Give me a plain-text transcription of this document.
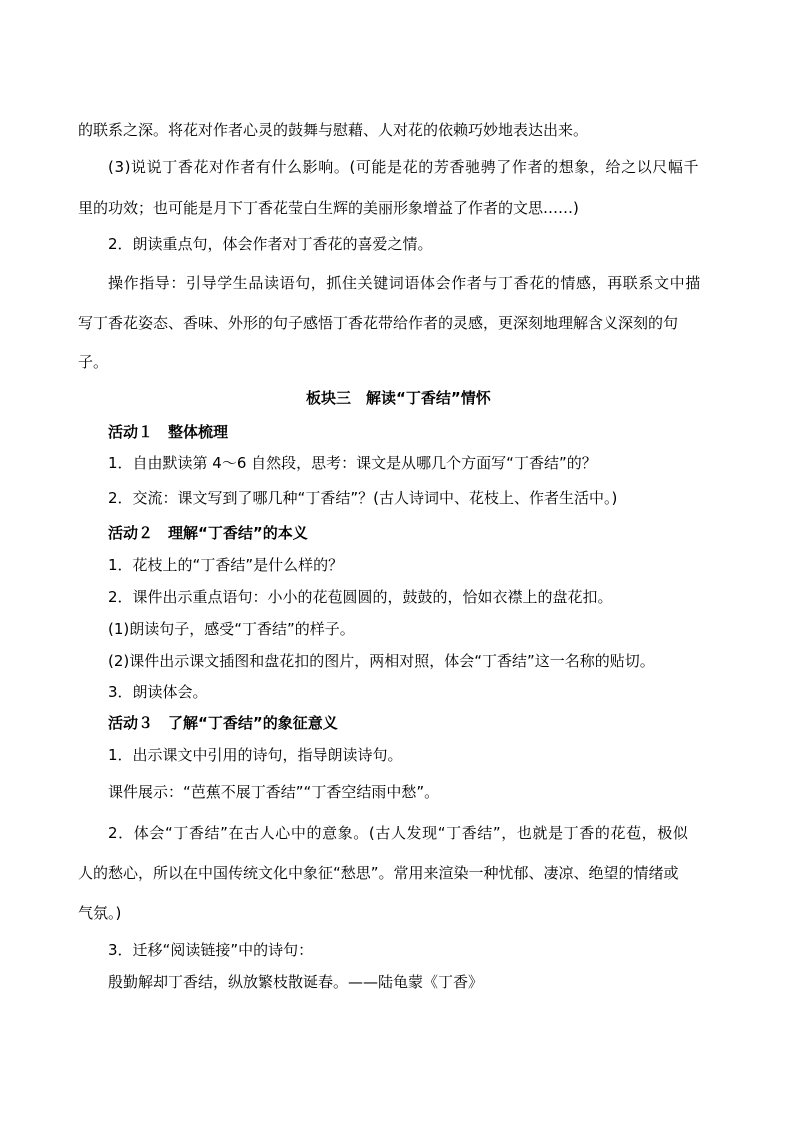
的联系之深。将花对作者心灵的鼓舞与慰藉、人对花的依赖巧妙地表达出来。
(3)说说丁香花对作者有什么影响。(可能是花的芳香驰骋了作者的想象，给之以尺幅千
里的功效；也可能是月下丁香花莹白生辉的美丽形象增益了作者的文思……)
2．朗读重点句，体会作者对丁香花的喜爱之情。
操作指导：引导学生品读语句，抓住关键词语体会作者与丁香花的情感，再联系文中描
写丁香花姿态、香味、外形的句子感悟丁香花带给作者的灵感，更深刻地理解含义深刻的句
子。
板块三　解读“丁香结”情怀
活动１　整体梳理
1．自由默读第 4～6 自然段，思考：课文是从哪几个方面写“丁香结”的？
2．交流：课文写到了哪几种“丁香结”？(古人诗词中、花枝上、作者生活中。)
活动２　理解“丁香结”的本义
1．花枝上的“丁香结”是什么样的？
2．课件出示重点语句：小小的花苞圆圆的，鼓鼓的，恰如衣襟上的盘花扣。
(1)朗读句子，感受“丁香结”的样子。
(2)课件出示课文插图和盘花扣的图片，两相对照，体会“丁香结”这一名称的贴切。
3．朗读体会。
活动３　了解“丁香结”的象征意义
1．出示课文中引用的诗句，指导朗读诗句。
课件展示：“芭蕉不展丁香结”“丁香空结雨中愁”。
2．体会“丁香结”在古人心中的意象。(古人发现“丁香结”，也就是丁香的花苞，极似
人的愁心，所以在中国传统文化中象征“愁思”。常用来渲染一种忧郁、凄凉、绝望的情绪或
气氛。)
3．迁移“阅读链接”中的诗句：
殷勤解却丁香结，纵放繁枝散诞春。——陆龟蒙《丁香》
